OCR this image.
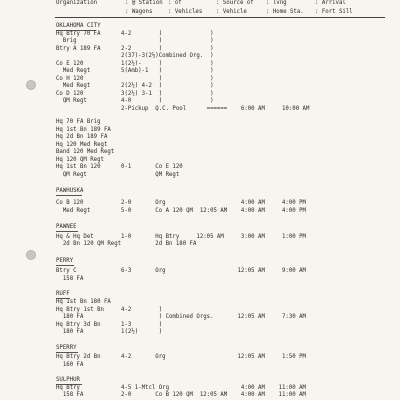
Organization	: @ Station : of	: Source of : lvng	: Arrival
: Wagons	: Vehicles : Vehicle	: Home Sta. : Fort Sill
OKLAHOMA CITY
Hq Btry 70 FA      4-2        )              )
Brig                        )              )
Btry A 189 FA      2-2        )              )
2(37)-3(2½)Combined Org.  )
Co E 120           1(2½)-     )              )
Med Regt         5(Amb)-1   )              )
Co H 120                      )              )
Med Regt         2(2½) 4-2  )              )
Co D 120           3(2½) 3-1  )              )
QM Regt          4-0        )              )
2-Pickup  Q.C. Pool      ======    6:00 AM     10:00 AM
Hq 70 FA Brig
Hq 1st Bn 189 FA
Hq 2d Bn 189 FA
Hq 120 Med Regt
Band 120 Med Regt
Hq 120 QM Regt
Hq 1st Bn 120      0-1       Co E 120
QM Regt                    QM Regt
PAWHUSKA
Co B 120           2-0       Org                      4:00 AM     4:00 PM
Med Regt         5-0       Co A 120 QM  12:05 AM    4:00 AM     4:00 PM
PAWNEE
Hq & Hq Det        1-0       Hq Btry     12:05 AM     3:00 AM     1:00 PM
2d Bn 120 QM Regt          2d Bn 180 FA
PERRY
Btry C             6-3       Org                     12:05 AM     9:00 AM
158 FA
RUFF
Hq 1st Bn 180 FA
Hq Btry 1st Bn     4-2        )
180 FA                      ) Combined Orgs.       12:05 AM     7:30 AM
Hq Btry 3d Bn      1-3        )
180 FA           1(2½)      )
SPERRY
Hq Btry 2d Bn      4-2       Org                     12:05 AM     1:50 PM
160 FA
SULPHUR
Hq Btry            4-5 1-Mtcl Org                     4:00 AM    11:00 AM
158 FA           2-0       Co B 120 QM  12:05 AM    4:00 AM    11:00 AM
